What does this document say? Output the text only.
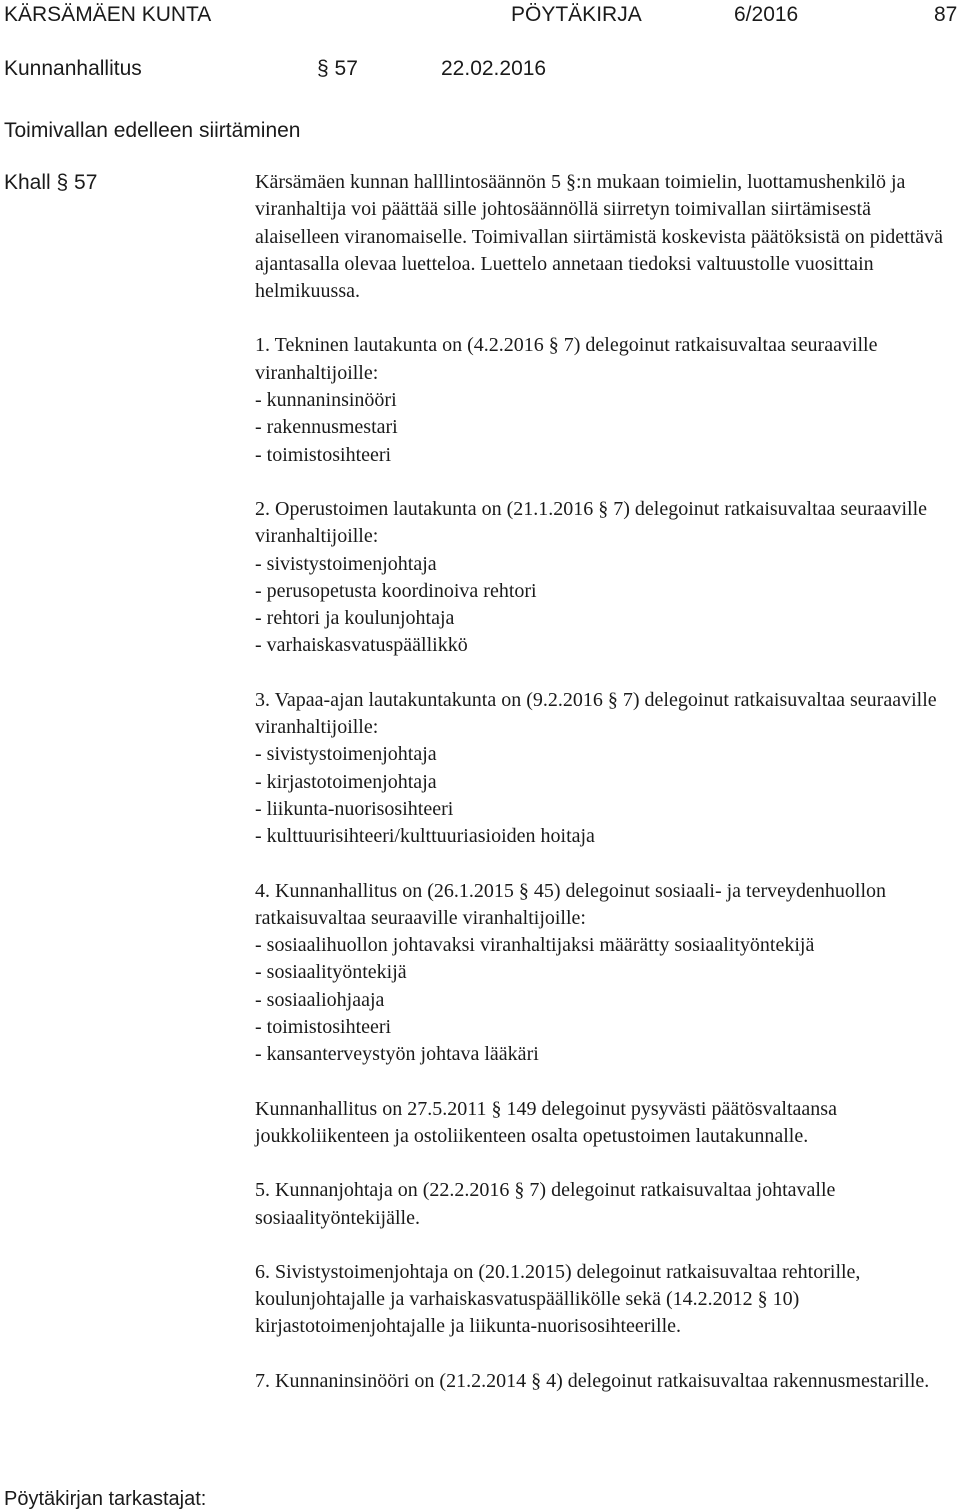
KÄRSÄMÄEN KUNTA	PÖYTÄKIRJA	6/2016	87
Kunnanhallitus	§ 57	22.02.2016
Toimivallan edelleen siirtäminen
Khall § 57	Kärsämäen kunnan halllintosäännön 5 §:n mukaan toimielin, luottamushenkilö ja viranhaltija voi päättää sille johtosäännöllä siirretyn toimivallan siirtämisestä alaiselleen viranomaiselle. Toimivallan siirtämistä koskevista päätöksistä on pidettävä ajantasalla olevaa luetteloa. Luettelo annetaan tiedoksi valtuustolle vuosittain helmikuussa.

1. Tekninen lautakunta on (4.2.2016 § 7) delegoinut ratkaisuvaltaa seuraaville viranhaltijoille:

- kunnaninsinööri
- rakennusmestari
- toimistosihteeri

2. Operustoimen lautakunta on (21.1.2016 § 7) delegoinut ratkaisuvaltaa seuraaville viranhaltijoille:

- sivistystoimenjohtaja
- perusopetusta koordinoiva rehtori
- rehtori ja koulunjohtaja
- varhaiskasvatuspäällikkö

3. Vapaa-ajan lautakuntakunta on (9.2.2016 § 7) delegoinut ratkaisuvaltaa seuraaville viranhaltijoille:

- sivistystoimenjohtaja
- kirjastotoimenjohtaja
- liikunta-nuorisosihteeri
- kulttuurisihteeri/kulttuuriasioiden hoitaja

4. Kunnanhallitus on (26.1.2015 § 45) delegoinut sosiaali- ja terveydenhuollon ratkaisuvaltaa seuraaville viranhaltijoille:

- sosiaalihuollon johtavaksi viranhaltijaksi määrätty sosiaalityöntekijä
- sosiaalityöntekijä
- sosiaaliohjaaja
- toimistosihteeri
- kansanterveystyön johtava lääkäri

Kunnanhallitus on 27.5.2011 § 149 delegoinut pysyvästi päätösvaltaansa joukkoliikenteen ja ostoliikenteen osalta opetustoimen lautakunnalle.

5. Kunnanjohtaja on (22.2.2016 § 7) delegoinut ratkaisuvaltaa johtavalle sosiaalityöntekijälle.

6. Sivistystoimenjohtaja on (20.1.2015) delegoinut ratkaisuvaltaa rehtorille, koulunjohtajalle ja varhaiskasvatuspäällikölle sekä (14.2.2012 § 10) kirjastotoimenjohtajalle ja liikunta-nuorisosihteerille.

7. Kunnaninsinööri on (21.2.2014 § 4) delegoinut ratkaisuvaltaa rakennusmestarille.

Pöytäkirjan tarkastajat:
